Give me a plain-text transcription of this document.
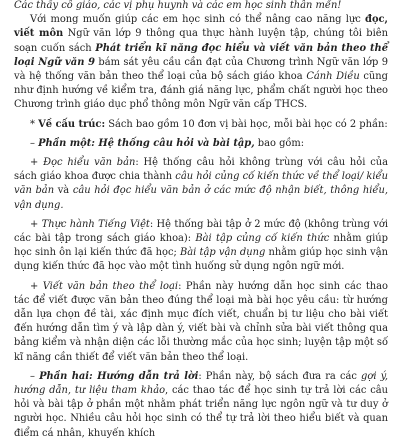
Các thầy cô giáo, các vị phụ huynh và các em học sinh thân mến!

Với mong muốn giúp các em học sinh có thể nâng cao năng lực đọc, viết môn Ngữ văn lớp 9 thông qua thực hành luyện tập, chúng tôi biên soạn cuốn sách Phát triển kĩ năng đọc hiểu và viết văn bản theo thể loại Ngữ văn 9 bám sát yêu cầu cần đạt của Chương trình Ngữ văn lớp 9 và hệ thống văn bản theo thể loại của bộ sách giáo khoa Cánh Diều cũng như định hướng về kiểm tra, đánh giá năng lực, phẩm chất người học theo Chương trình giáo dục phổ thông môn Ngữ văn cấp THCS.

* Về cấu trúc: Sách bao gồm 10 đơn vị bài học, mỗi bài học có 2 phần:

– Phần một: Hệ thống câu hỏi và bài tập, bao gồm:

+ Đọc hiểu văn bản: Hệ thống câu hỏi không trùng với câu hỏi của sách giáo khoa được chia thành câu hỏi củng cố kiến thức về thể loại/ kiểu văn bản và câu hỏi đọc hiểu văn bản ở các mức độ nhận biết, thông hiểu, vận dụng.

+ Thực hành Tiếng Việt: Hệ thống bài tập ở 2 mức độ (không trùng với các bài tập trong sách giáo khoa): Bài tập củng cố kiến thức nhằm giúp học sinh ôn lại kiến thức đã học; Bài tập vận dụng nhằm giúp học sinh vận dụng kiến thức đã học vào một tình huống sử dụng ngôn ngữ mới.

+ Viết văn bản theo thể loại: Phần này hướng dẫn học sinh các thao tác để viết được văn bản theo đúng thể loại mà bài học yêu cầu: từ hướng dẫn lựa chọn đề tài, xác định mục đích viết, chuẩn bị tư liệu cho bài viết đến hướng dẫn tìm ý và lập dàn ý, viết bài và chỉnh sửa bài viết thông qua bảng kiểm và nhận diện các lỗi thường mắc của học sinh; luyện tập một số kĩ năng cần thiết để viết văn bản theo thể loại.

– Phần hai: Hướng dẫn trả lời: Phần này, bộ sách đưa ra các gợi ý, hướng dẫn, tư liệu tham khảo, các thao tác để học sinh tự trả lời các câu hỏi và bài tập ở phần một nhằm phát triển năng lực ngôn ngữ và tư duy ở người học. Nhiều câu hỏi học sinh có thể tự trả lời theo hiểu biết và quan điểm cá nhân, khuyến khích
